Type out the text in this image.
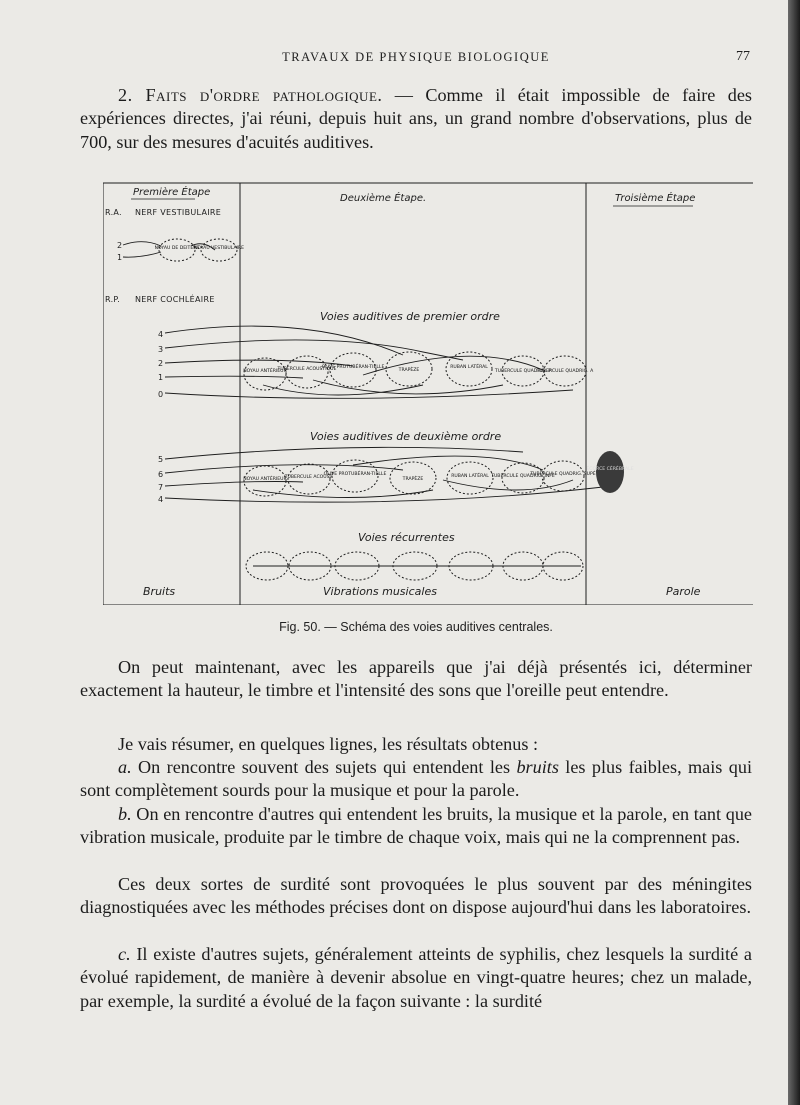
TRAVAUX DE PHYSIQUE BIOLOGIQUE	77

2. Faits d'ordre pathologique. — Comme il était impossible de faire des expériences directes, j'ai réuni, depuis huit ans, un grand nombre d'observations, plus de 700, sur des mesures d'acuités auditives.

Première Étape
Deuxième Étape.	Troisième Étape
R.A. NERF VESTIBULAIRE
2
1
NOYAU DE DEITERS
NOYAU VESTIBULAIRE
R.P. NERF COCHLÉAIRE
Voies auditives de premier ordre
4
3
2
1
0
NOYAU ANTÉRIEUR
TUBERCULE ACOUSTIQUE
OLIVE PROTUBÉRAN-TIELLE
TRAPÈZE
RUBAN LATÉRAL
TUBERCULE QUADRIG. P
TUBERCULE QUADRIG. A
Voies auditives de deuxième ordre
5
6
7
4
NOYAU ANTÉRIEUR
TUBERCULE ACOUST.
OLIVE PROTUBÉRAN-TIELLE
TRAPÈZE
RUBAN LATÉRAL TUBERCULE QUADRIG. INFÉ
TUBERCULE QUADRIG. SUPÉ
ÉCORCE CÉRÉBRALE
Voies récurrentes
Bruits	Vibrations musicales	Parole
Fig. 50. — Schéma des voies auditives centrales.

On peut maintenant, avec les appareils que j'ai déjà présentés ici, déterminer exactement la hauteur, le timbre et l'intensité des sons que l'oreille peut entendre.

Je vais résumer, en quelques lignes, les résultats obtenus :

a. On rencontre souvent des sujets qui entendent les bruits les plus faibles, mais qui sont complètement sourds pour la musique et pour la parole.

b. On en rencontre d'autres qui entendent les bruits, la musique et la parole, en tant que vibration musicale, produite par le timbre de chaque voix, mais qui ne la comprennent pas.

Ces deux sortes de surdité sont provoquées le plus souvent par des méningites diagnostiquées avec les méthodes précises dont on dispose aujourd'hui dans les laboratoires.

c. Il existe d'autres sujets, généralement atteints de syphilis, chez lesquels la surdité a évolué rapidement, de manière à devenir absolue en vingt-quatre heures; chez un malade, par exemple, la surdité a évolué de la façon suivante : la surdité
